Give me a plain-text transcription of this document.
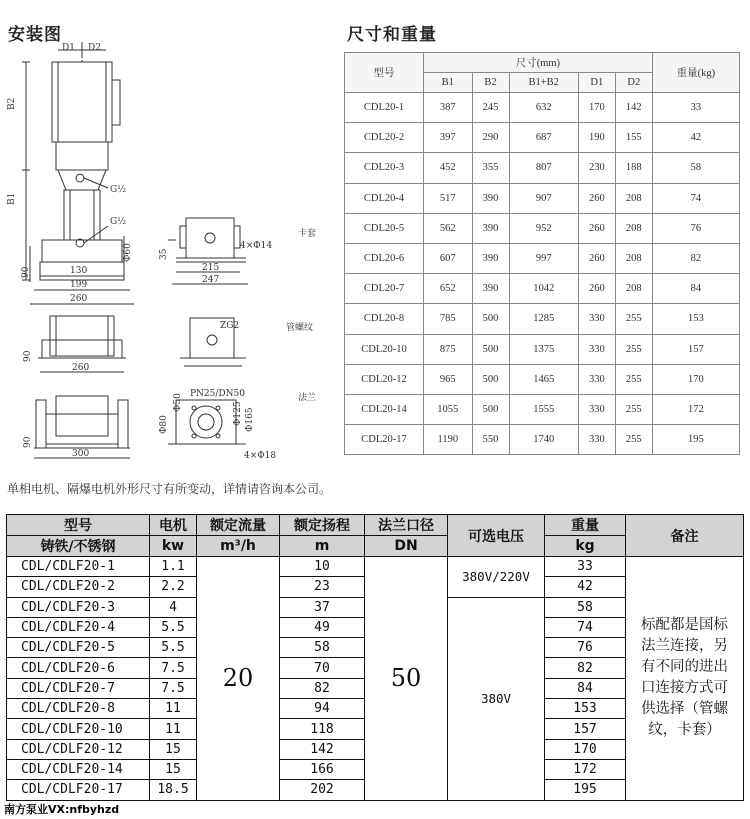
安装图	尺寸和重量
D1 D2
B2
B1
G½
G½
Φ60
90	130
199
260
35
4×Φ14
215
247
卡套
90
260
ZG2	管螺纹
90
300
PN25/DN50
Φ50
Φ80	Φ125 Φ165
4×Φ18
法兰
型号	尺寸(mm)					重量(kg)
	B1	B2	B1+B2	D1	D2	
CDL20-1	387	245	632	170	142	33
CDL20-2	397	290	687	190	155	42
CDL20-3	452	355	807	230	188	58
CDL20-4	517	390	907	260	208	74
CDL20-5	562	390	952	260	208	76
CDL20-6	607	390	997	260	208	82
CDL20-7	652	390	1042	260	208	84
CDL20-8	785	500	1285	330	255	153
CDL20-10	875	500	1375	330	255	157
CDL20-12	965	500	1465	330	255	170
CDL20-14	1055	500	1555	330	255	172
CDL20-17	1190	550	1740	330	255	195
单相电机、隔爆电机外形尺寸有所变动，详情请咨询本公司。
型号	电机	额定流量	额定扬程	法兰口径	可选电压	重量	备注
铸铁/不锈钢	kw	m³/h	m	DN		kg	
CDL/CDLF20-1	1.1	20	10	50	380V/220V	33	标配都是国标法兰连接，另有不同的进出口连接方式可供选择（管螺纹，卡套）
CDL/CDLF20-2	2.2		23			42	
CDL/CDLF20-3	4		37		380V	58	
CDL/CDLF20-4	5.5		49			74	
CDL/CDLF20-5	5.5		58			76	
CDL/CDLF20-6	7.5		70			82	
CDL/CDLF20-7	7.5		82			84	
CDL/CDLF20-8	11		94			153	
CDL/CDLF20-10	11		118			157	
CDL/CDLF20-12	15		142			170	
CDL/CDLF20-14	15		166			172	
CDL/CDLF20-17	18.5		202			195	
南方泵业VX:nfbyhzd
